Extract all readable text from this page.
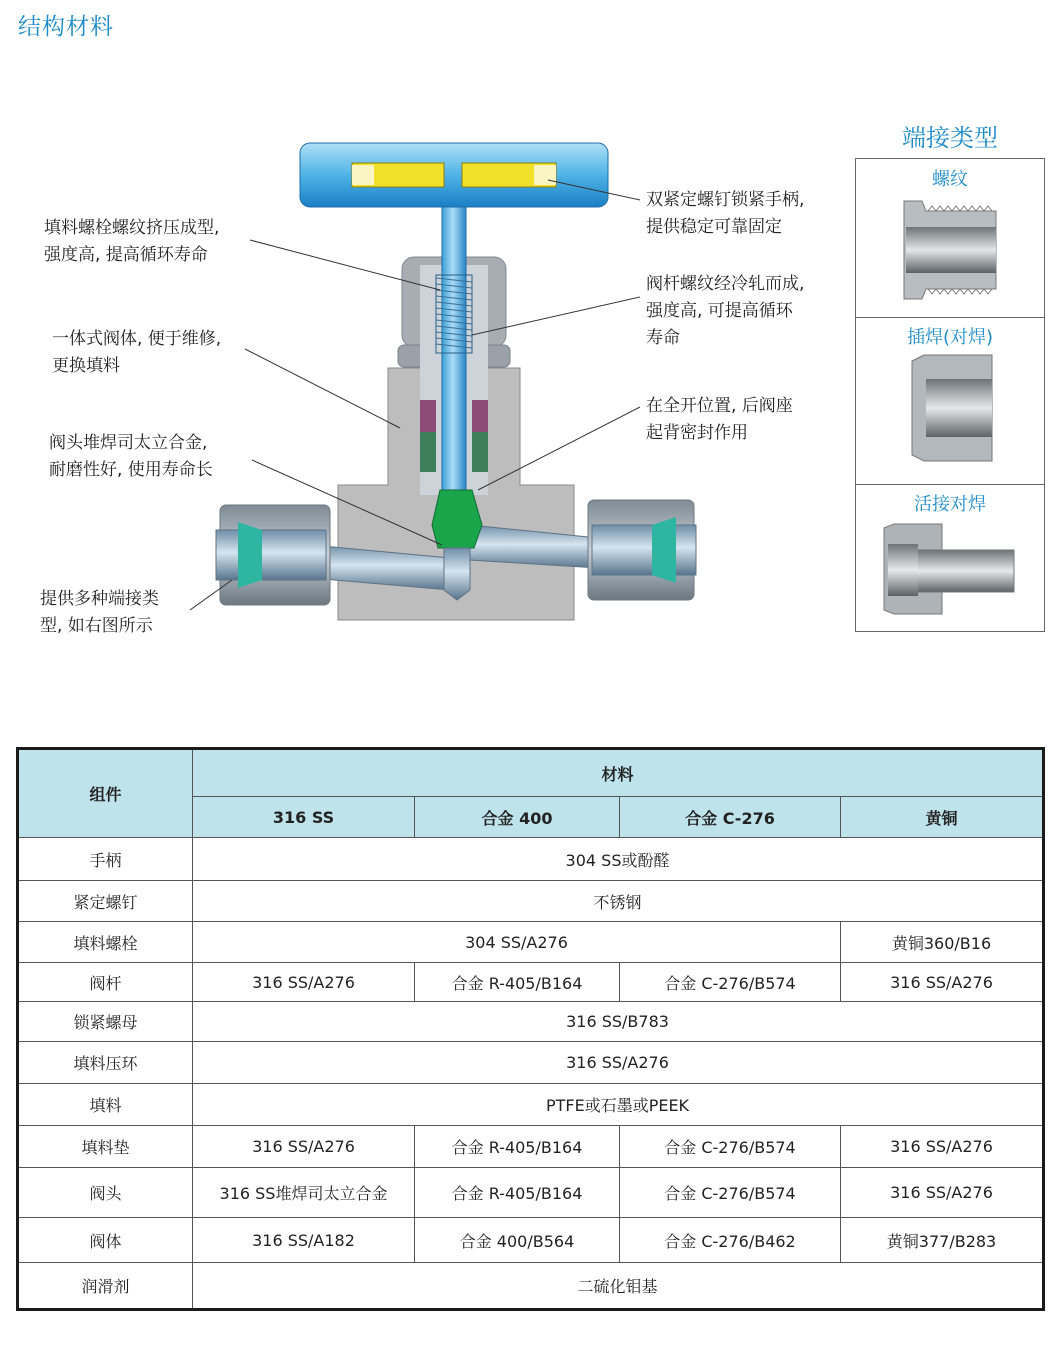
结构材料
填料螺栓螺纹挤压成型,
强度高, 提高循环寿命
一体式阀体, 便于维修,
更换填料
阀头堆焊司太立合金,
耐磨性好, 使用寿命长
提供多种端接类
型, 如右图所示
双紧定螺钉锁紧手柄,
提供稳定可靠固定
阀杆螺纹经冷轧而成,
强度高, 可提高循环
寿命
在全开位置, 后阀座
起背密封作用
端接类型
螺纹
插焊(对焊)
活接对焊
组件	材料			
	316 SS	合金 400	合金 C-276	黄铜
手柄	304 SS或酚醛			
紧定螺钉	不锈钢			
填料螺栓	304 SS/A276			黄铜360/B16
阀杆	316 SS/A276	合金 R-405/B164	合金 C-276/B574	316 SS/A276
锁紧螺母	316 SS/B783			
填料压环	316 SS/A276			
填料	PTFE或石墨或PEEK			
填料垫	316 SS/A276	合金 R-405/B164	合金 C-276/B574	316 SS/A276
阀头	316 SS堆焊司太立合金	合金 R-405/B164	合金 C-276/B574	316 SS/A276
阀体	316 SS/A182	合金 400/B564	合金 C-276/B462	黄铜377/B283
润滑剂	二硫化钼基			
